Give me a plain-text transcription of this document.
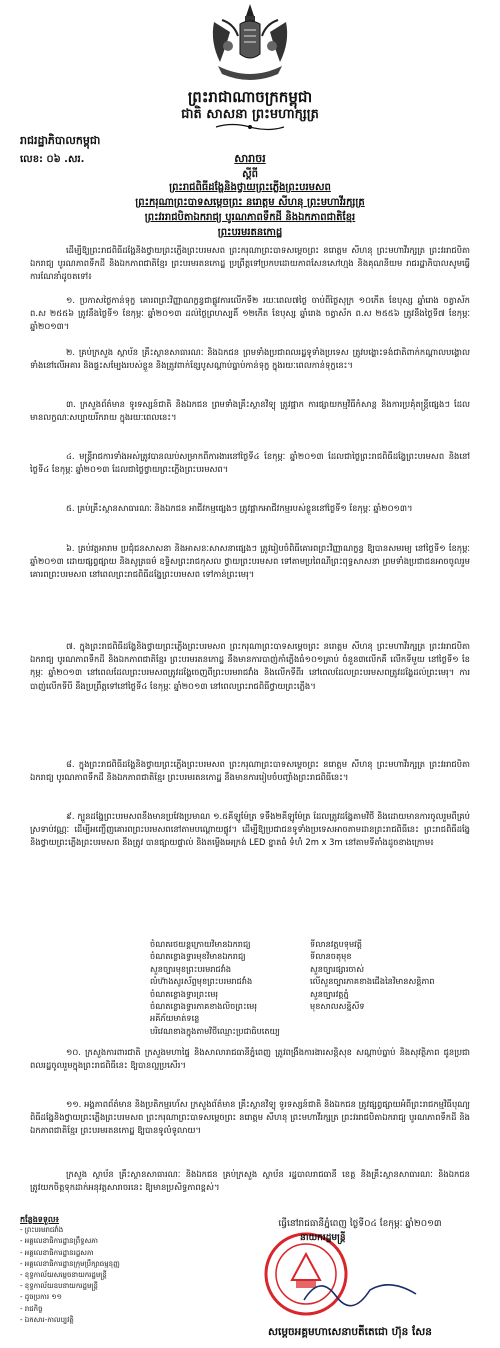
ព្រះរាជាណាចក្រកម្ពុជា
ជាតិ សាសនា ព្រះមហាក្សត្រ
រាជរដ្ឋាភិបាលកម្ពុជា
លេខ: ០៦ .សរ.	សារាចរ
ស្តីពី
ព្រះរាជពិធីដង្ហែនិងថ្វាយព្រះភ្លើងព្រះបរមសព
ព្រះករុណាព្រះបាទសម្តេចព្រះ នរោត្តម សីហនុ ព្រះមហាវីរក្សត្រ
ព្រះវររាជបិតាឯករាជ្យ បូរណភាពទឹកដី និងឯកភាពជាតិខ្មែរ
ព្រះបរមរតនកោដ្ឋ

ដើម្បីឱ្យព្រះរាជពិធីដង្ហែនិងថ្វាយព្រះភ្លើងព្រះបរមសព ព្រះករុណាព្រះបាទសម្តេចព្រះ នរោត្តម សីហនុ ព្រះមហាវីរក្សត្រ ព្រះវររាជបិតាឯករាជ្យ បូរណភាពទឹកដី និងឯកភាពជាតិខ្មែរ ព្រះបរមរតនកោដ្ឋ ប្រព្រឹត្តទៅប្រកបដោយភាពសែនសៅហ្មង និងគុណនីយម រាជរដ្ឋាភិបាលសូមធ្វើការណែនាំដូចតទៅ៖

១. ប្រកាសថ្ងៃកាន់ទុក្ខ គោរពព្រះវិញ្ញាណក្ខន្ធជាផ្លូវការលើកទី២ រយៈពេល៧ថ្ងៃ ចាប់ពីថ្ងៃសុក្រ ១០កើត ខែបុស្ស ឆ្នាំរោង ចត្វាស័ក ព.ស ២៥៥៦ ត្រូវនឹងថ្ងៃទី១ ខែកុម្ភៈ ឆ្នាំ២០១៣ ដល់ថ្ងៃព្រហស្បតិ៍ ១២កើត ខែបុស្ស ឆ្នាំរោង ចត្វាស័ក ព.ស ២៥៥៦ ត្រូវនឹងថ្ងៃទី៧ ខែកុម្ភៈ ឆ្នាំ២០១៣។

២. គ្រប់ក្រសួង ស្ថាប័ន គ្រឹះស្ថានសាធារណៈ និងឯកជន ព្រមទាំងប្រជាពលរដ្ឋទូទាំងប្រទេស ត្រូវបង្ហោះទង់ជាតិពាក់កណ្តាលបង្គោល ទាំងនៅលើអគារ និងផ្ទះសម្បែងរបស់ខ្លួន និងត្រូវពាក់ខ្សែបូសណ្តាប់ធ្នាប់កាន់ទុក្ខ ក្នុងរយៈពេលកាន់ទុក្ខនេះ។

៣. ក្រសួងព័ត៌មាន ទូរទស្សន៍ជាតិ និងឯកជន ព្រមទាំងគ្រឹះស្ថានវិទ្យុ ត្រូវផ្អាក ការផ្សាយកម្មវិធីកំសាន្ត និងការប្រគុំតន្ត្រីផ្សេងៗ ដែលមានលក្ខណៈសប្បាយរីករាយ ក្នុងរយៈពេលនេះ។

៤. មន្ត្រីរាជការទាំងអស់ត្រូវបានឈប់សម្រាកពីការងារនៅថ្ងៃទី៤ ខែកុម្ភៈ ឆ្នាំ២០១៣ ដែលជាថ្ងៃព្រះរាជពិធីដង្ហែព្រះបរមសព និងនៅថ្ងៃទី៤ ខែកុម្ភៈ ឆ្នាំ២០១៣ ដែលជាថ្ងៃថ្វាយព្រះភ្លើងព្រះបរមសព។

៥. គ្រប់គ្រឹះស្ថានសាធារណៈ និងឯកជន អាជីវកម្មផ្សេងៗ ត្រូវផ្អាកអាជីវកម្មរបស់ខ្លួននៅថ្ងៃទី១ ខែកុម្ភៈ ឆ្នាំ២០១៣។

៦. គ្រប់វត្តអារាម ប្រជុំជនសាសនា និងអាសនៈសាសនាផ្សេងៗ ត្រូវរៀបចំពិធីគោរពព្រះវិញ្ញាណក្ខន្ធ ឱ្យបានសមរម្យ នៅថ្ងៃទី១ ខែកុម្ភៈ ឆ្នាំ២០១៣ ដោយផ្សព្វផ្សាយ និងសូត្រធម៌ ឧទ្ទិសព្រះរាជកុសល ថ្វាយព្រះបរមសព ទៅតាមប្រពៃណីព្រះពុទ្ធសាសនា ព្រមទាំងប្រជាជនអាចចូលរួមគោរពព្រះបរមសព នៅពេលព្រះរាជពិធីដង្ហែព្រះបរមសព ទៅកាន់ព្រះមេរុ។

៧. ក្នុងព្រះរាជពិធីដង្ហែនិងថ្វាយព្រះភ្លើងព្រះបរមសព ព្រះករុណាព្រះបាទសម្តេចព្រះ នរោត្តម សីហនុ ព្រះមហាវីរក្សត្រ ព្រះវររាជបិតាឯករាជ្យ បូរណភាពទឹកដី និងឯកភាពជាតិខ្មែរ ព្រះបរមរតនកោដ្ឋ នឹងមានការបាញ់កាំភ្លើងធំ១០១គ្រាប់ ចំនួន៣លើកគឺ លើកទីមួយ នៅថ្ងៃទី១ ខែកុម្ភៈ ឆ្នាំ២០១៣ នៅពេលដែលព្រះបរមសពត្រូវដង្ហែចេញពីព្រះបរមរាជវាំង និងលើកទីពីរ នៅពេលដែលព្រះបរមសពត្រូវដង្ហែដល់ព្រះមេរុ។ ការបាញ់លើកទីបី នឹងប្រព្រឹត្តទៅនៅថ្ងៃទី៤ ខែកុម្ភៈ ឆ្នាំ២០១៣ នៅពេលព្រះរាជពិធីថ្វាយព្រះភ្លើង។

៨. ក្នុងព្រះរាជពិធីដង្ហែនិងថ្វាយព្រះភ្លើងព្រះបរមសព ព្រះករុណាព្រះបាទសម្តេចព្រះ នរោត្តម សីហនុ ព្រះមហាវីរក្សត្រ ព្រះវររាជបិតាឯករាជ្យ បូរណភាពទឹកដី និងឯកភាពជាតិខ្មែរ ព្រះបរមរតនកោដ្ឋ នឹងមានការរៀបចំបញ្ចាំងព្រះរាជពិធីនេះ។

៩. ក្បួនដង្ហែព្រះបរមសពនឹងមានប្រវែងប្រមាណ ១.៥គីឡូម៉ែត្រ ទទឹង២គីឡូម៉ែត្រ ដែលត្រូវដង្ហែតាមវិថី និងដោយមានការចូលរួមពីគ្រប់ស្រទាប់វណ្ណៈ ដើម្បីអញ្ជើញគោរពព្រះបរមសពនៅតាមបណ្តោយផ្លូវ។ ដើម្បីឱ្យប្រជាជនទូទាំងប្រទេសអាចតាមដានព្រះរាជពិធីនេះ ព្រះរាជពិធីដង្ហែនិងថ្វាយព្រះភ្លើងព្រះបរមសព នឹងត្រូវ បានផ្សាយផ្ទាល់ និងតម្លើងអេក្រង់ LED ខ្នាតធំ ទំហំ 2m x 3m នៅតាមទីតាំងដូចខាងក្រោម៖

ចំណតរថយន្តក្រោយវិមានឯករាជ្យ	ទីលានវត្តបទុមវត្តី
ចំណតខ្លោងទ្វារមុខវិមានឯករាជ្យ	ទីលានចតុមុខ
សួនច្បារមុខព្រះបរមរាជវាំង	សួនច្បារផ្សារចាស់
លំហ៊ាងសូរស័ព្ទមុខព្រះបរមរាជវាំង	លើសួនច្បារភាគខាងជើងនៃវិមានសន្តិភាព
ចំណតខ្លោងទ្វារព្រះមេរុ	សួនច្បារវត្តភ្នំ
ចំណតខ្លោងទ្វារភាគខាងលិចព្រះមេរុ	មុខសាលសន្និសីទ
អគីភ័យមាត់ទន្លេ
បរិវេណខាងក្នុងតាមវិថីឈ្មោះប្រជាធិបតេយ្យ

១០. ក្រសួងការពារជាតិ ក្រសួងមហាផ្ទៃ និងសាលារាជធានីភ្នំពេញ ត្រូវពង្រឹងការងារសន្តិសុខ សណ្តាប់ធ្នាប់ និងសុវត្ថិភាព ជូនប្រជាពលរដ្ឋចូលរួមក្នុងព្រះរាជពិធីនេះ ឱ្យបានល្អប្រសើរ។

១១. អង្គភាពព័ត៌មាន និងប្រតិកម្មរហ័ស ក្រសួងព័ត៌មាន គ្រឹះស្ថានវិទ្យុ ទូរទស្សន៍ជាតិ និងឯកជន ត្រូវផ្សព្វផ្សាយអំពីព្រះរាជកម្មវិធីបុណ្យ ពិធីដង្ហែនិងថ្វាយព្រះភ្លើងព្រះបរមសព ព្រះករុណាព្រះបាទសម្តេចព្រះ នរោត្តម សីហនុ ព្រះមហាវីរក្សត្រ ព្រះវររាជបិតាឯករាជ្យ បូរណភាពទឹកដី និងឯកភាពជាតិខ្មែរ ព្រះបរមរតនកោដ្ឋ ឱ្យបានទូលំទូលាយ។

ក្រសួង ស្ថាប័ន គ្រឹះស្ថានសាធារណៈ និងឯកជន គ្រប់ក្រសួង ស្ថាប័ន រដ្ឋបាលរាជធានី ខេត្ត និងគ្រឹះស្ថានសាធារណៈ និងឯកជន ត្រូវយកចិត្តទុកដាក់អនុវត្តសារាចរនេះ ឱ្យមានប្រសិទ្ធភាពខ្ពស់។

ធ្វើនៅរាជធានីភ្នំពេញ ថ្ងៃទី០៤ ខែកុម្ភៈ ឆ្នាំ២០១៣
នាយករដ្ឋមន្ត្រី
សម្តេចអគ្គមហាសេនាបតីតេជោ ហ៊ុន សែន
កន្លែងទទួល៖
- ព្រះបរមរាជវាំង
- អគ្គលេខាធិការដ្ឋានព្រឹទ្ធសភា
- អគ្គលេខាធិការដ្ឋានរដ្ឋសភា
- អគ្គលេខាធិការដ្ឋានក្រុមប្រឹក្សាធម្មនុញ្ញ
- ខុទ្ទកាល័យសម្តេចនាយករដ្ឋមន្ត្រី
- ខុទ្ទកាល័យឧបនាយករដ្ឋមន្ត្រី
- ដូចប្រការ ១១
- រាជកិច្ច
- ឯកសារ-កាលប្បវត្តិ
